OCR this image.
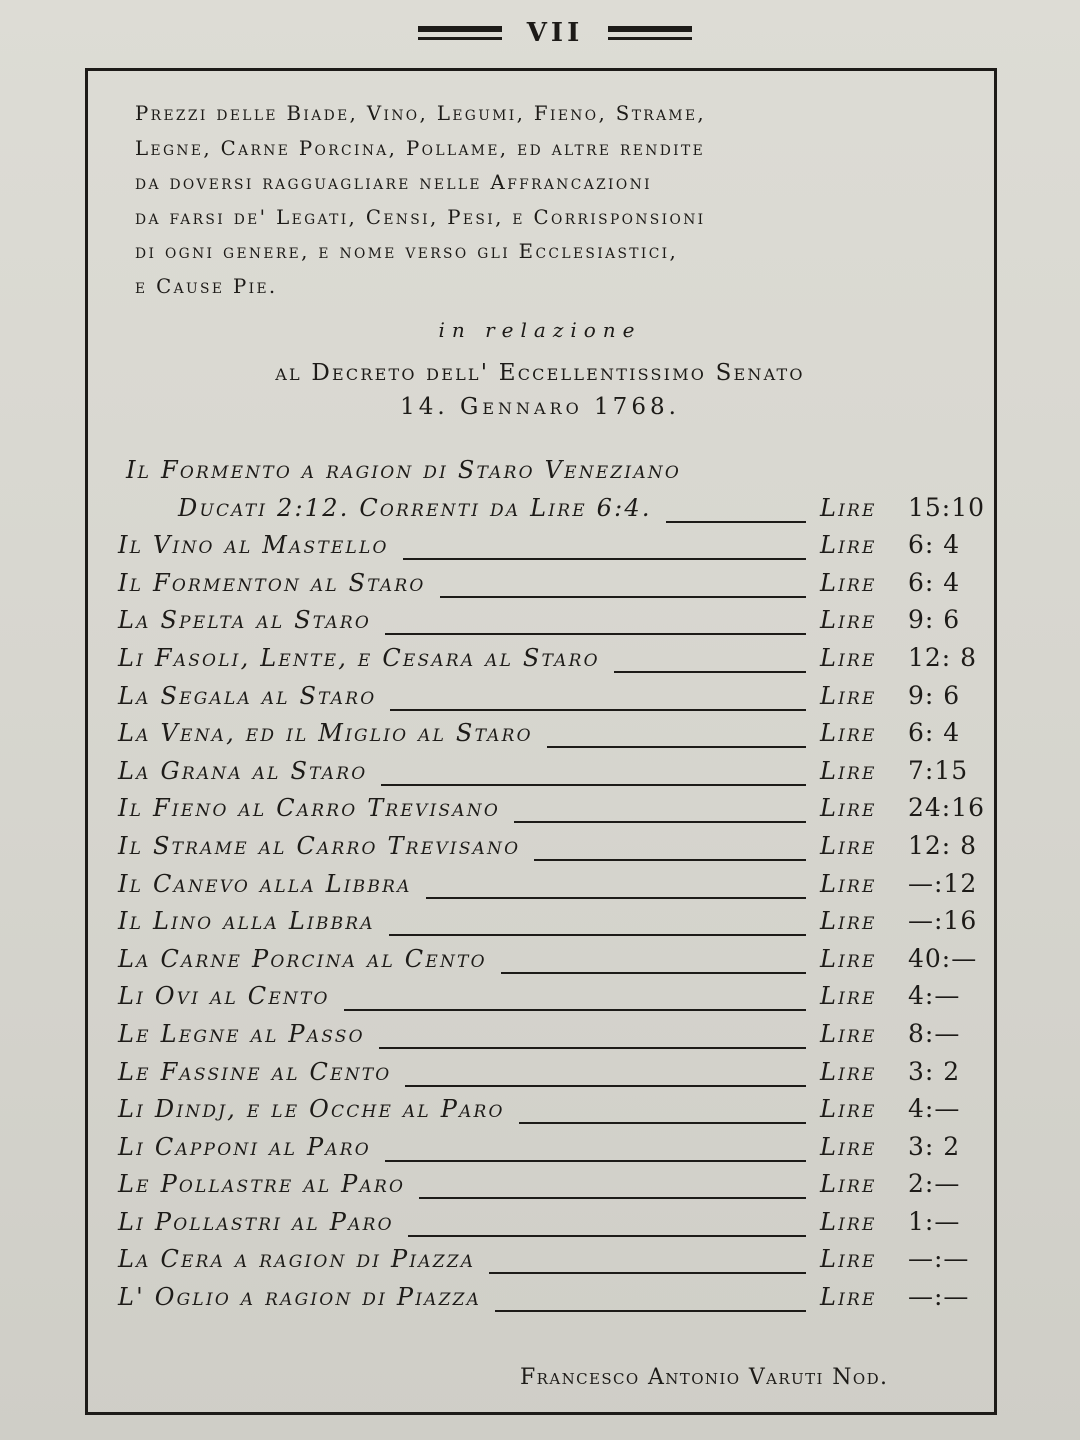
VII
Prezzi delle Biade, Vino, Legumi, Fieno, Strame,
Legne, Carne Porcina, Pollame, ed altre rendite
da doversi ragguagliare nelle Affrancazioni
da farsi de' Legati, Censi, Pesi, e Corrisponsioni
di ogni genere, e nome verso gli Ecclesiastici,
e Cause Pie.
in relazione
al Decreto dell' Eccellentissimo Senato
14. Gennaro 1768.
Il Formento a ragion di Staro Veneziano
Ducati 2:12. Correnti da Lire 6:4.	Lire 15:10
Il Vino al Mastello	Lire 6: 4
Il Formenton al Staro	Lire 6: 4
La Spelta al Staro	Lire 9: 6
Li Fasoli, Lente, e Cesara al Staro	Lire 12: 8
La Segala al Staro	Lire 9: 6
La Vena, ed il Miglio al Staro	Lire 6: 4
La Grana al Staro	Lire 7:15
Il Fieno al Carro Trevisano	Lire 24:16
Il Strame al Carro Trevisano	Lire 12: 8
Il Canevo alla Libbra	Lire —:12
Il Lino alla Libbra	Lire —:16
La Carne Porcina al Cento	Lire 40:—
Li Ovi al Cento	Lire 4:—
Le Legne al Passo	Lire 8:—
Le Fassine al Cento	Lire 3: 2
Li Dindj, e le Ocche al Paro	Lire 4:—
Li Capponi al Paro	Lire 3: 2
Le Pollastre al Paro	Lire 2:—
Li Pollastri al Paro	Lire 1:—
La Cera a ragion di Piazza	Lire —:—
L' Oglio a ragion di Piazza	Lire —:—
Francesco Antonio Varuti Nod.
